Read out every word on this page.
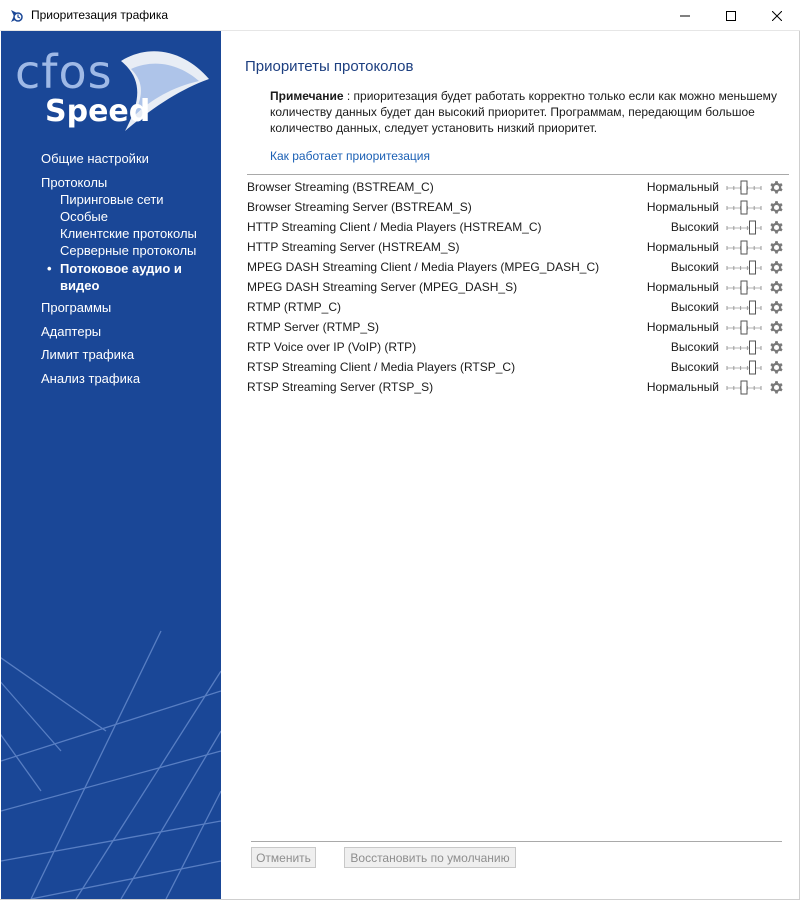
Приоритезация трафика
cfos
Speed
Общие настройки
Протоколы
Пиринговые сети
Особые
Клиентские протоколы
Серверные протоколы
• Потоковое аудио и видео
Программы
Адаптеры
Лимит трафика
Анализ трафика
Приоритеты протоколов
Примечание : приоритезация будет работать корректно только если как можно меньшему количеству данных будет дан высокий приоритет. Программам, передающим большое количество данных, следует установить низкий приоритет.
Как работает приоритезация
Browser Streaming (BSTREAM_C)	Нормальный
Browser Streaming Server (BSTREAM_S)	Нормальный
HTTP Streaming Client / Media Players (HSTREAM_C)	Высокий
HTTP Streaming Server (HSTREAM_S)	Нормальный
MPEG DASH Streaming Client / Media Players (MPEG_DASH_C)	Высокий
MPEG DASH Streaming Server (MPEG_DASH_S)	Нормальный
RTMP (RTMP_C)	Высокий
RTMP Server (RTMP_S)	Нормальный
RTP Voice over IP (VoIP) (RTP)	Высокий
RTSP Streaming Client / Media Players (RTSP_C)	Высокий
RTSP Streaming Server (RTSP_S)	Нормальный
Отменить	Восстановить по умолчанию
